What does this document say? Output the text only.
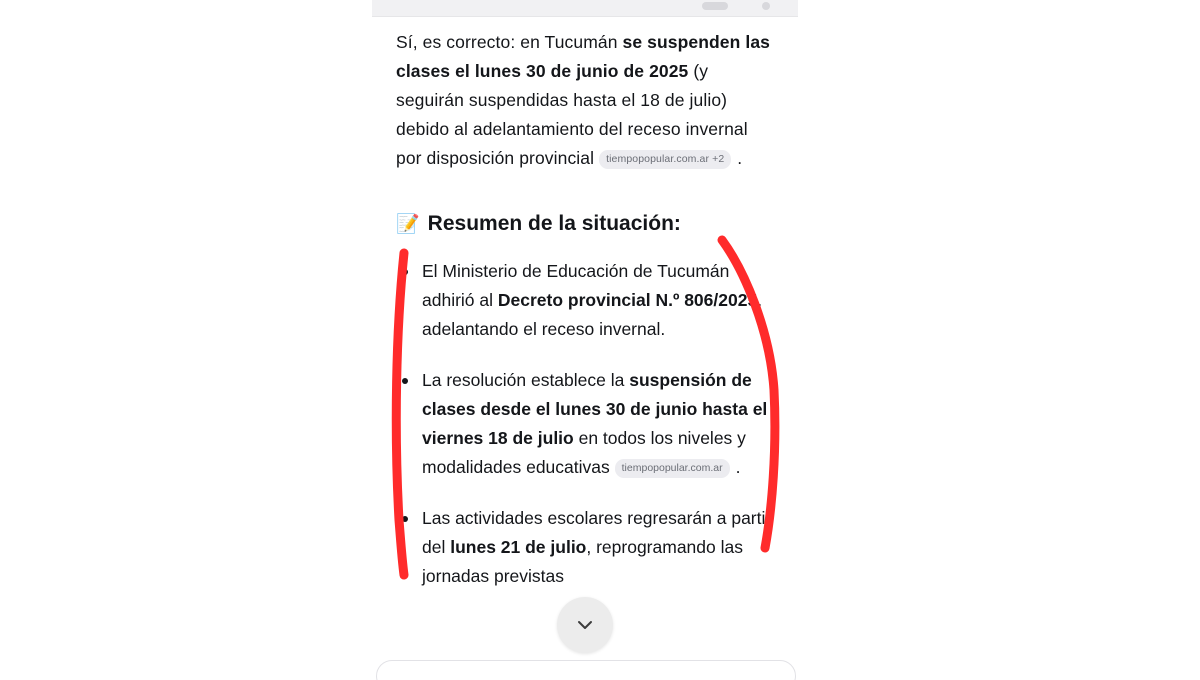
Sí, es correcto: en Tucumán se suspenden las clases el lunes 30 de junio de 2025 (y seguirán suspendidas hasta el 18 de julio) debido al adelantamiento del receso invernal por disposición provincial tiempopopular.com.ar +2 .

📝 Resumen de la situación:
El Ministerio de Educación de Tucumán adhirió al Decreto provincial N.º 806/2025, adelantando el receso invernal.
La resolución establece la suspensión de clases desde el lunes 30 de junio hasta el viernes 18 de julio en todos los niveles y modalidades educativas tiempopopular.com.ar .
Las actividades escolares regresarán a partir del lunes 21 de julio, reprogramando las jornadas previstas
